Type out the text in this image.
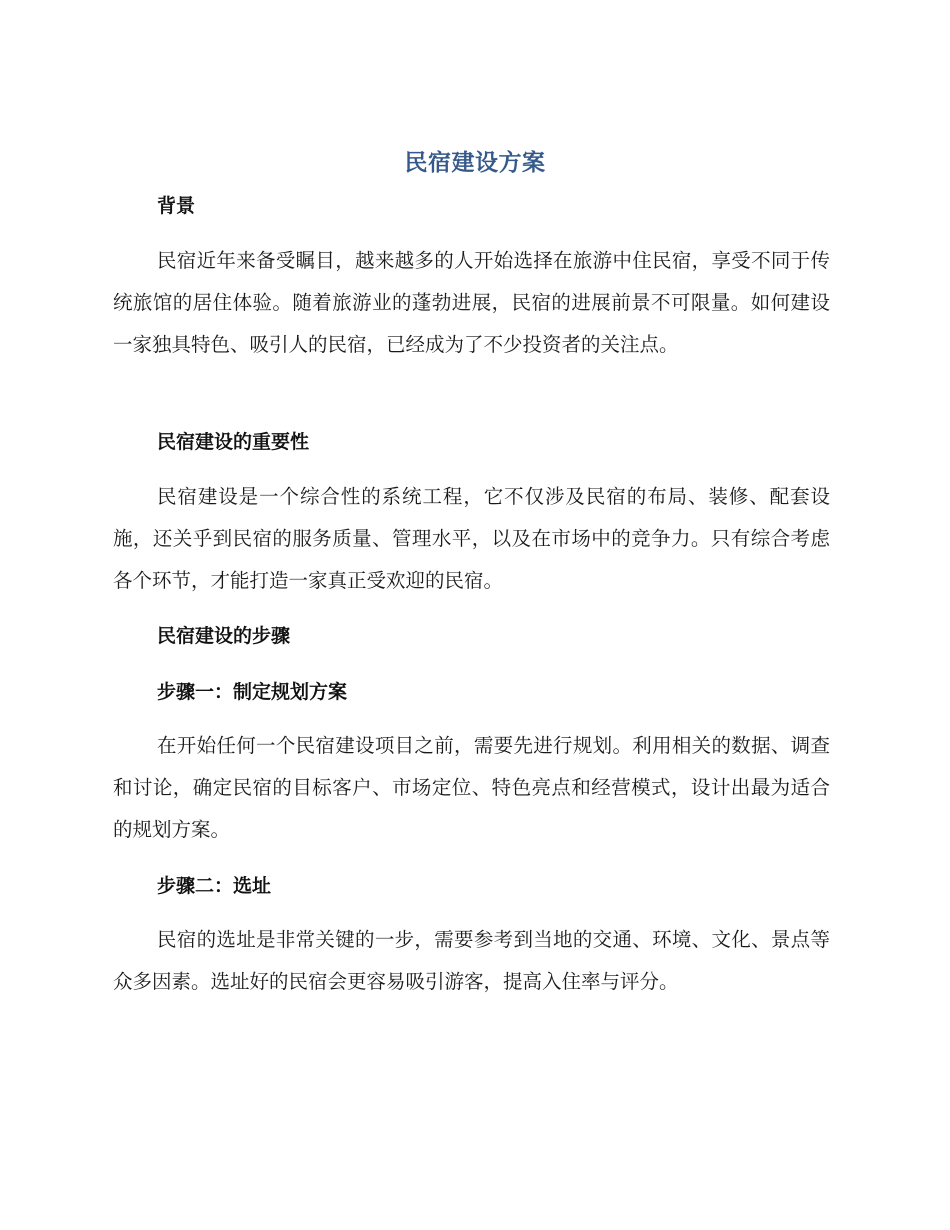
民宿建设方案
背景

民宿近年来备受瞩目，越来越多的人开始选择在旅游中住民宿，享受不同于传统旅馆的居住体验。随着旅游业的蓬勃进展，民宿的进展前景不可限量。如何建设一家独具特色、吸引人的民宿，已经成为了不少投资者的关注点。

民宿建设的重要性

民宿建设是一个综合性的系统工程，它不仅涉及民宿的布局、装修、配套设施，还关乎到民宿的服务质量、管理水平，以及在市场中的竞争力。只有综合考虑各个环节，才能打造一家真正受欢迎的民宿。

民宿建设的步骤
步骤一：制定规划方案

在开始任何一个民宿建设项目之前，需要先进行规划。利用相关的数据、调查和讨论，确定民宿的目标客户、市场定位、特色亮点和经营模式，设计出最为适合的规划方案。

步骤二：选址

民宿的选址是非常关键的一步，需要参考到当地的交通、环境、文化、景点等众多因素。选址好的民宿会更容易吸引游客，提高入住率与评分。
